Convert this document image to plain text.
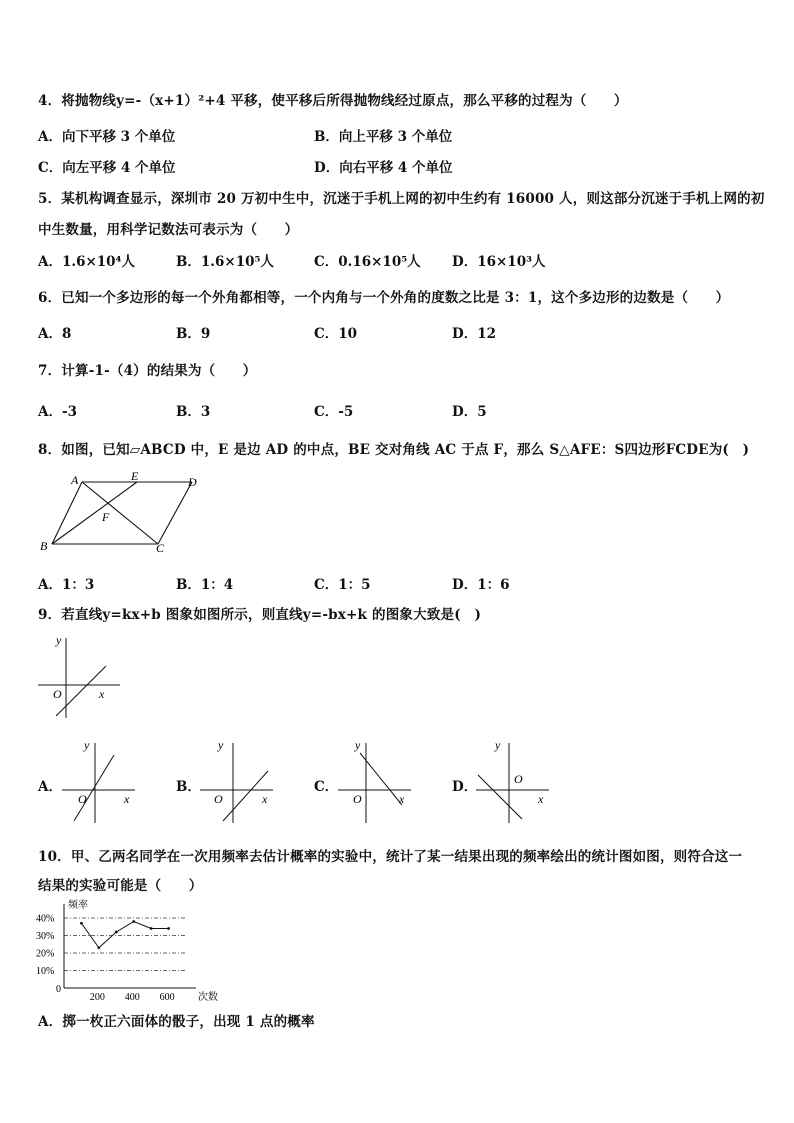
4．将抛物线y=-（x+1）²+4 平移，使平移后所得抛物线经过原点，那么平移的过程为（　　）
A．向下平移 3 个单位	B．向上平移 3 个单位
C．向左平移 4 个单位	D．向右平移 4 个单位
5．某机构调查显示，深圳市 20 万初中生中，沉迷于手机上网的初中生约有 16000 人，则这部分沉迷于手机上网的初
中生数量，用科学记数法可表示为（　　）
A．1.6×10⁴人	B．1.6×10⁵人	C．0.16×10⁵人 D．16×10³人
6．已知一个多边形的每一个外角都相等，一个内角与一个外角的度数之比是 3：1，这个多边形的边数是（　　）
A．8	B．9	C．10	D．12
7．计算-1-（4）的结果为（　　）
A．-3	B．3	C．-5	D．5
8．如图，已知▱ABCD 中，E 是边 AD 的中点，BE 交对角线 AC 于点 F，那么 S△AFE：S四边形FCDE为(　)
A	E	D
F
B	C
A．1：3	B．1：4	C．1：5	D．1：6
9．若直线y=kx+b 图象如图所示，则直线y=-bx+k 的图象大致是(　)
y
O	x
A．
y
O	x
B．
y
O	x
C．
y
O	x
D．
y
O
x
10．甲、乙两名同学在一次用频率去估计概率的实验中，统计了某一结果出现的频率绘出的统计图如图，则符合这一
结果的实验可能是（　　）
40%
30%
20%
10%
200 400 600
0
频率
次数
A．掷一枚正六面体的骰子，出现 1 点的概率
